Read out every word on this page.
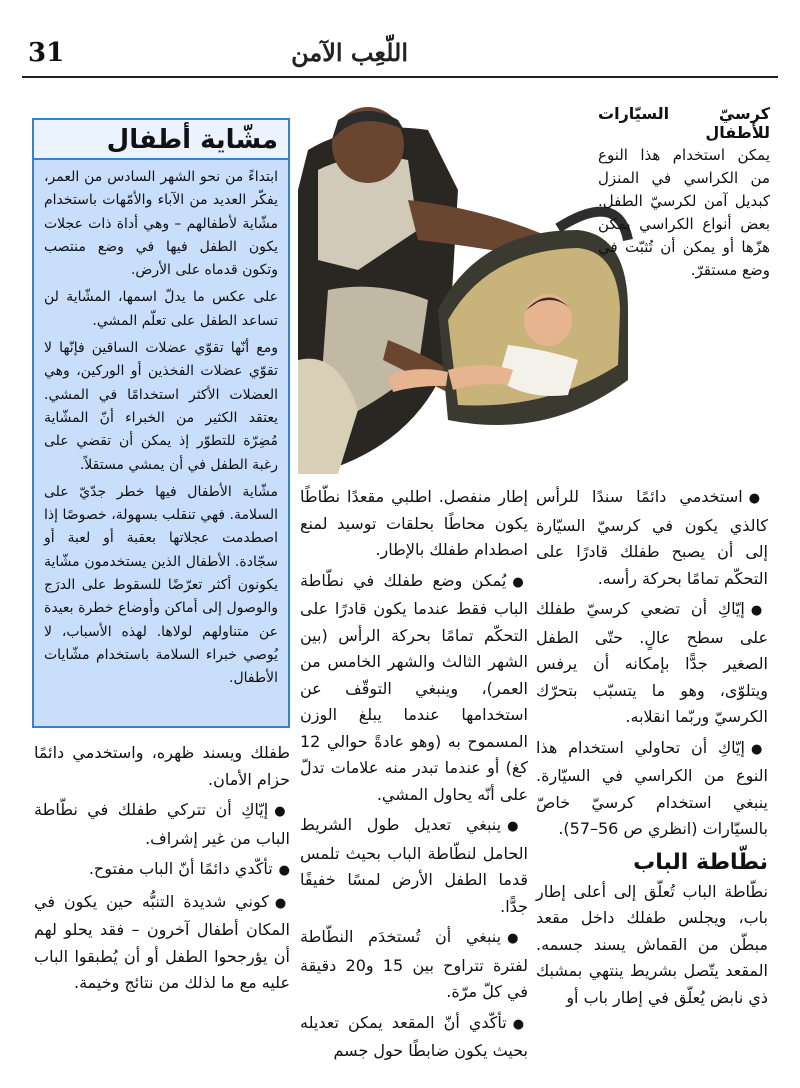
31	اللّعِب الآمن
مشّاية أطفال

ابتداءً من نحو الشهر السادس من العمر، يفكّر العديد من الآباء والأمّهات باستخدام مشّاية لأطفالهم – وهي أداة ذات عجلات يكون الطفل فيها في وضع منتصب وتكون قدماه على الأرض.

على عكس ما يدلّ اسمها، المشّاية لن تساعد الطفل على تعلّم المشي.

ومع أنّها تقوّي عضلات الساقين فإنّها لا تقوّي عضلات الفخذين أو الوركين، وهي العضلات الأكثر استخدامًا في المشي. يعتقد الكثير من الخبراء أنّ المشّاية مُضِرّة للتطوّر إذ يمكن أن تقضي على رغبة الطفل في أن يمشي مستقلاً.

مشّاية الأطفال فيها خطر جدّيّ على السلامة. فهي تنقلب بسهولة، خصوصًا إذا اصطدمت عجلاتها بعقبة أو لعبة أو سجّادة. الأطفال الذين يستخدمون مشّاية يكونون أكثر تعرّضًا للسقوط على الدرَج والوصول إلى أماكن وأوضاع خطرة بعيدة عن متناولهم لولاها. لهذه الأسباب، لا يُوصي خبراء السلامة باستخدام مشّايات الأطفال.

كرسيّ السيّارات للأطفال
يمكن استخدام هذا النوع من الكراسي في المنزل كبديل آمن لكرسيّ الطفل. بعض أنواع الكراسي يمكن هزّها أو يمكن أن تُثبّت في وضع مستقرّ.

●استخدمي دائمًا سندًا للرأس كالذي يكون في كرسيّ السيّارة إلى أن يصبح طفلك قادرًا على التحكّم تمامًا بحركة رأسه.

●إيّاكِ أن تضعي كرسيّ طفلك على سطح عالٍ. حتّى الطفل الصغير جدًّا بإمكانه أن يرفس ويتلوّى، وهو ما يتسبّب بتحرّك الكرسيّ وربّما انقلابه.

●إيّاكِ أن تحاولي استخدام هذا النوع من الكراسي في السيّارة. ينبغي استخدام كرسيّ خاصّ بالسيّارات (انظري ص 56–57).

نطّاطة الباب

نطّاطة الباب تُعلّق إلى أعلى إطار باب، ويجلس طفلك داخل مقعد مبطّن من القماش يسند جسمه. المقعد يتّصل بشريط ينتهي بمشبك ذي نابض يُعلّق في إطار باب أو

إطار منفصل. اطلبي مقعدًا نطّاطًا يكون محاطًا بحلقات توسيد لمنع اصطدام طفلك بالإطار.

●يُمكن وضع طفلك في نطّاطة الباب فقط عندما يكون قادرًا على التحكّم تمامًا بحركة الرأس (بين الشهر الثالث والشهر الخامس من العمر)، وينبغي التوقّف عن استخدامها عندما يبلغ الوزن المسموح به (وهو عادةً حوالي 12 كغ) أو عندما تبدر منه علامات تدلّ على أنّه يحاول المشي.

●ينبغي تعديل طول الشريط الحامل لنطّاطة الباب بحيث تلمس قدما الطفل الأرض لمسًا خفيفًا جدًّا.

●ينبغي أن تُستخدَم النطّاطة لفترة تتراوح بين 15 و20 دقيقة في كلّ مرّة.

●تأكّدي أنّ المقعد يمكن تعديله بحيث يكون ضابطًا حول جسم

طفلك ويسند ظهره، واستخدمي دائمًا حزام الأمان.

●إيّاكِ أن تتركي طفلك في نطّاطة الباب من غير إشراف.

●تأكّدي دائمًا أنّ الباب مفتوح.

●كوني شديدة التنبُّه حين يكون في المكان أطفال آخرون – فقد يحلو لهم أن يؤرجحوا الطفل أو أن يُطبقوا الباب عليه مع ما لذلك من نتائج وخيمة.
